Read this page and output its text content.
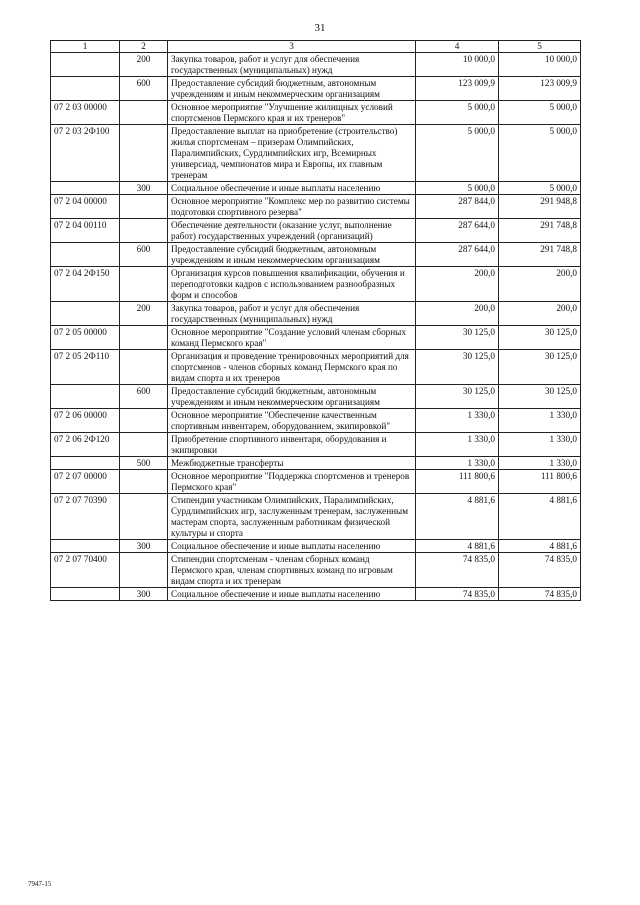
31
1	2	3	4	5
	200	Закупка товаров, работ и услуг для обеспечения государственных (муниципальных) нужд	10 000,0	10 000,0
	600	Предоставление субсидий бюджетным, автономным учреждениям и иным некоммерческим организациям	123 009,9	123 009,9
07 2 03 00000		Основное мероприятие "Улучшение жилищных условий спортсменов Пермского края и их тренеров"	5 000,0	5 000,0
07 2 03 2Ф100		Предоставление выплат на приобретение (строительство) жилья спортсменам – призерам Олимпийских, Паралимпийских, Сурдлимпийских игр, Всемирных универсиад, чемпионатов мира и Европы, их главным тренерам	5 000,0	5 000,0
	300	Социальное обеспечение и иные выплаты населению	5 000,0	5 000,0
07 2 04 00000		Основное мероприятие "Комплекс мер по развитию системы подготовки спортивного резерва"	287 844,0	291 948,8
07 2 04 00110		Обеспечение деятельности (оказание услуг, выполнение работ) государственных учреждений (организаций)	287 644,0	291 748,8
	600	Предоставление субсидий бюджетным, автономным учреждениям и иным некоммерческим организациям	287 644,0	291 748,8
07 2 04 2Ф150		Организация курсов повышения квалификации, обучения и переподготовки кадров с использованием разнообразных форм и способов	200,0	200,0
	200	Закупка товаров, работ и услуг для обеспечения государственных (муниципальных) нужд	200,0	200,0
07 2 05 00000		Основное мероприятие "Создание условий членам сборных команд Пермского края"	30 125,0	30 125,0
07 2 05 2Ф110		Организация и проведение тренировочных мероприятий для спортсменов - членов сборных команд Пермского края по видам спорта и их тренеров	30 125,0	30 125,0
	600	Предоставление субсидий бюджетным, автономным учреждениям и иным некоммерческим организациям	30 125,0	30 125,0
07 2 06 00000		Основное мероприятие "Обеспечение качественным спортивным инвентарем, оборудованием, экипировкой"	1 330,0	1 330,0
07 2 06 2Ф120		Приобретение спортивного инвентаря, оборудования и экипировки	1 330,0	1 330,0
	500	Межбюджетные трансферты	1 330,0	1 330,0
07 2 07 00000		Основное мероприятие "Поддержка спортсменов и тренеров Пермского края"	111 800,6	111 800,6
07 2 07 70390		Стипендии участникам Олимпийских, Паралимпийских, Сурдлимпийских игр, заслуженным тренерам, заслуженным мастерам спорта, заслуженным работникам физической культуры и спорта	4 881,6	4 881,6
	300	Социальное обеспечение и иные выплаты населению	4 881,6	4 881,6
07 2 07 70400		Стипендии спортсменам - членам сборных команд Пермского края, членам спортивных команд по игровым видам спорта и их тренерам	74 835,0	74 835,0
	300	Социальное обеспечение и иные выплаты населению	74 835,0	74 835,0
7947-15
